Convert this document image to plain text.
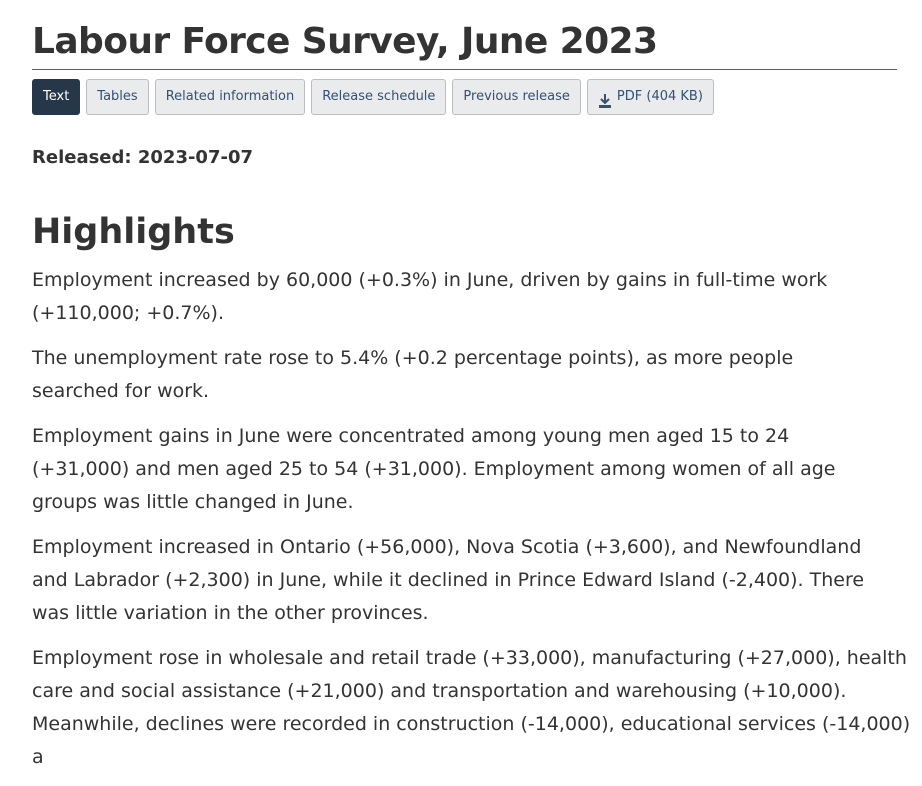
Labour Force Survey, June 2023
Text Tables Related information Release schedule Previous release	PDF (404 KB)

Released: 2023-07-07

Highlights

Employment increased by 60,000 (+0.3%) in June, driven by gains in full-time work (+110,000; +0.7%).

The unemployment rate rose to 5.4% (+0.2 percentage points), as more people searched for work.

Employment gains in June were concentrated among young men aged 15 to 24 (+31,000) and men aged 25 to 54 (+31,000). Employment among women of all age groups was little changed in June.

Employment increased in Ontario (+56,000), Nova Scotia (+3,600), and Newfoundland and Labrador (+2,300) in June, while it declined in Prince Edward Island (-2,400). There was little variation in the other provinces.

Employment rose in wholesale and retail trade (+33,000), manufacturing (+27,000), health care and social assistance (+21,000) and transportation and warehousing (+10,000). Meanwhile, declines were recorded in construction (-14,000), educational services (-14,000) a
